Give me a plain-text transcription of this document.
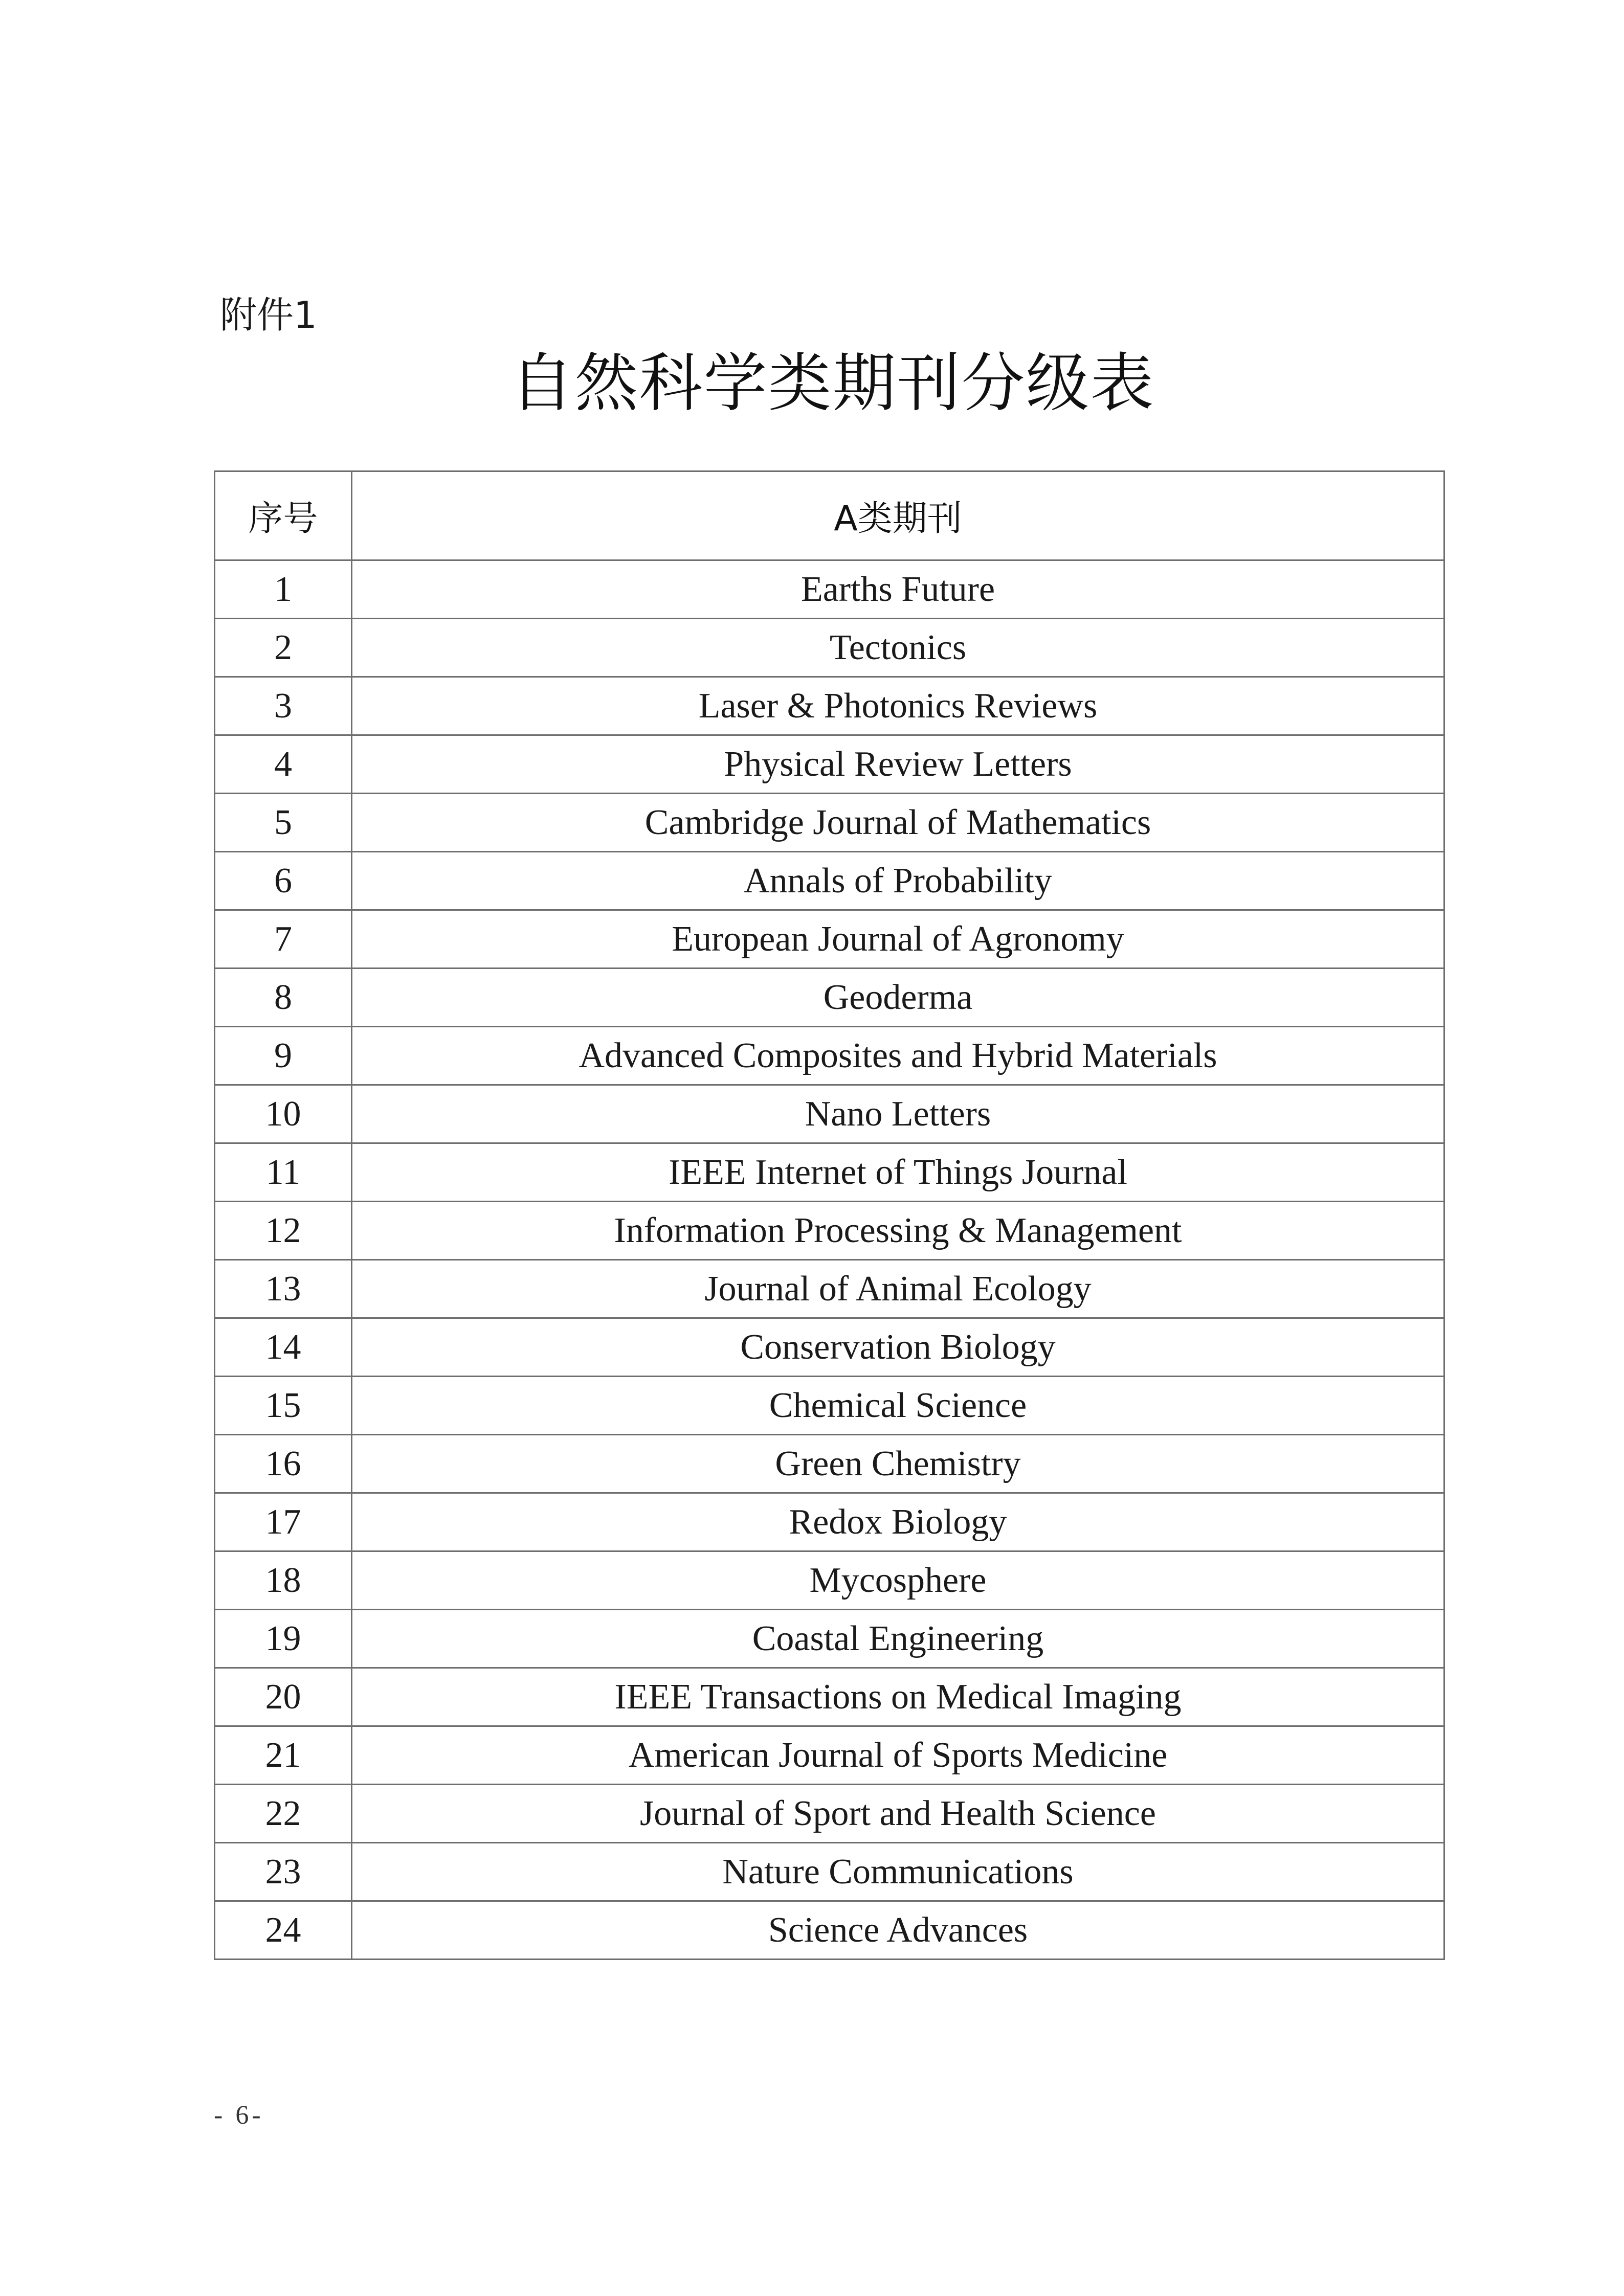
附件1
自然科学类期刊分级表
序号	A类期刊
1	Earths Future
2	Tectonics
3	Laser & Photonics Reviews
4	Physical Review Letters
5	Cambridge Journal of Mathematics
6	Annals of Probability
7	European Journal of Agronomy
8	Geoderma
9	Advanced Composites and Hybrid Materials
10	Nano Letters
11	IEEE Internet of Things Journal
12	Information Processing & Management
13	Journal of Animal Ecology
14	Conservation Biology
15	Chemical Science
16	Green Chemistry
17	Redox Biology
18	Mycosphere
19	Coastal Engineering
20	IEEE Transactions on Medical Imaging
21	American Journal of Sports Medicine
22	Journal of Sport and Health Science
23	Nature Communications
24	Science Advances
- 6-
